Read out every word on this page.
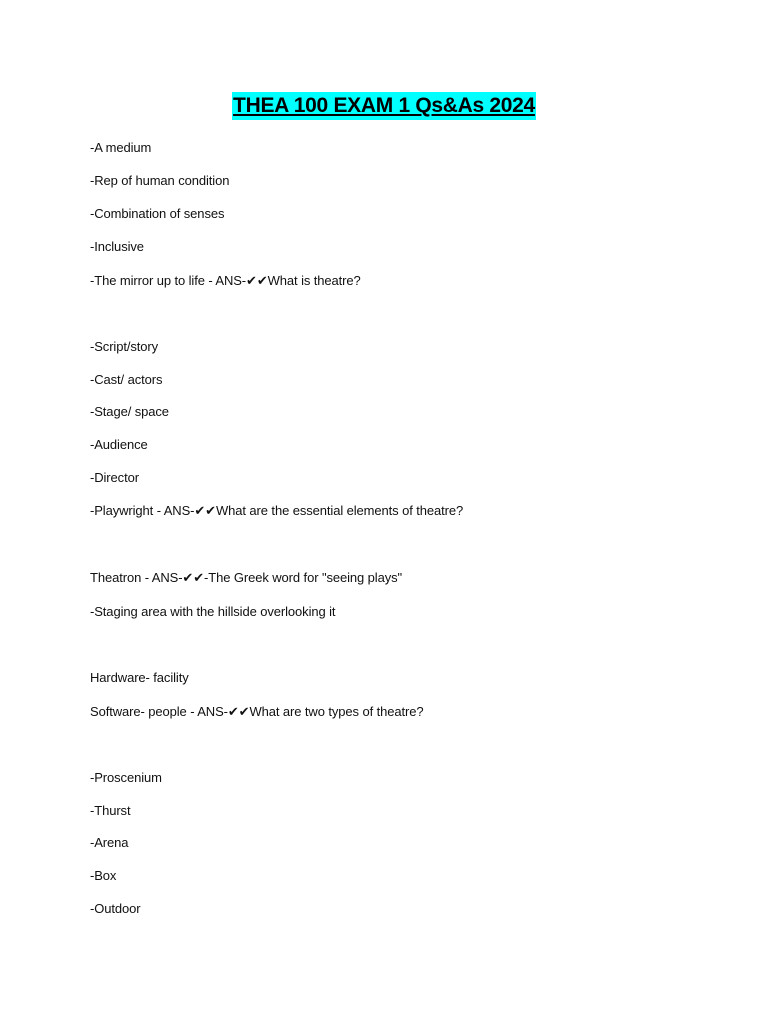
THEA 100 EXAM 1 Qs&As 2024
-A medium
-Rep of human condition
-Combination of senses
-Inclusive
-The mirror up to life - ANS-✔✔What is theatre?
-Script/story
-Cast/ actors
-Stage/ space
-Audience
-Director
-Playwright - ANS-✔✔What are the essential elements of theatre?
Theatron - ANS-✔✔-The Greek word for "seeing plays"
-Staging area with the hillside overlooking it
Hardware- facility
Software- people - ANS-✔✔What are two types of theatre?
-Proscenium
-Thurst
-Arena
-Box
-Outdoor
